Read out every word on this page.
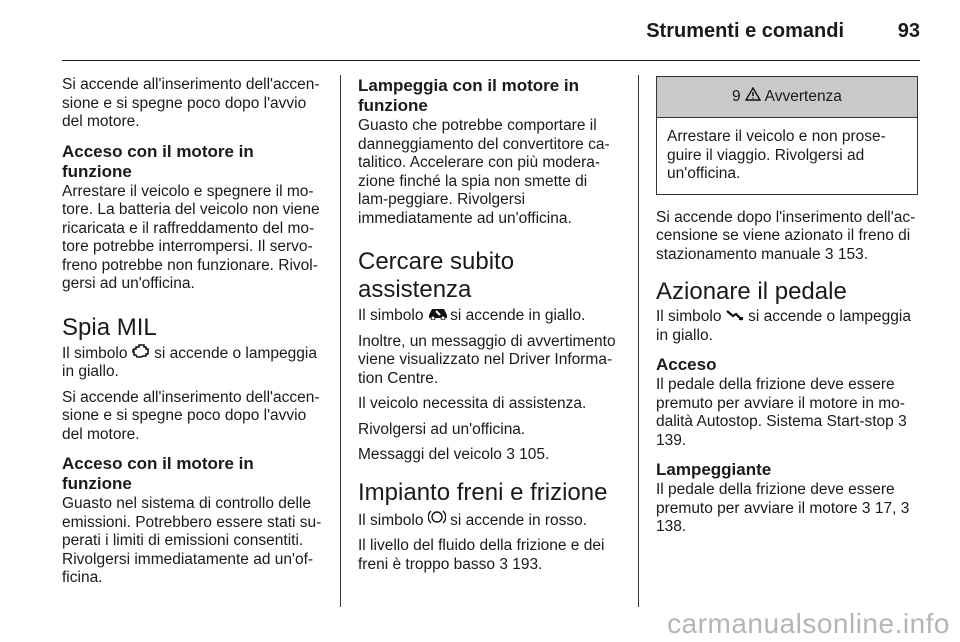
Strumenti e comandi	93

Si accende all'inserimento dell'accen-sione e si spegne poco dopo l'avvio del motore.

Acceso con il motore in funzione

Arrestare il veicolo e spegnere il mo-tore. La batteria del veicolo non viene ricaricata e il raffreddamento del mo-tore potrebbe interrompersi. Il servo-freno potrebbe non funzionare. Rivol-gersi ad un'officina.

Spia MIL

Il simbolo si accende o lampeggia in giallo.

Si accende all'inserimento dell'accen-sione e si spegne poco dopo l'avvio del motore.

Acceso con il motore in funzione

Guasto nel sistema di controllo delle emissioni. Potrebbero essere stati su-perati i limiti di emissioni consentiti. Rivolgersi immediatamente ad un'of-ficina.

Lampeggia con il motore in funzione

Guasto che potrebbe comportare il danneggiamento del convertitore ca-talitico. Accelerare con più modera-zione finché la spia non smette di lam-peggiare. Rivolgersi immediatamente ad un'officina.

Cercare subito assistenza

Il simbolo si accende in giallo.

Inoltre, un messaggio di avvertimento viene visualizzato nel Driver Informa-tion Centre.

Il veicolo necessita di assistenza.

Rivolgersi ad un'officina.

Messaggi del veicolo 3 105.

Impianto freni e frizione

Il simbolo si accende in rosso.

Il livello del fluido della frizione e dei freni è troppo basso 3 193.

9 Avvertenza
Arrestare il veicolo e non prose-guire il viaggio. Rivolgersi ad un'officina.

Si accende dopo l'inserimento dell'ac-censione se viene azionato il freno di stazionamento manuale 3 153.

Azionare il pedale

Il simbolo si accende o lampeggia in giallo.

Acceso

Il pedale della frizione deve essere premuto per avviare il motore in mo-dalità Autostop. Sistema Start-stop 3 139.

Lampeggiante

Il pedale della frizione deve essere premuto per avviare il motore 3 17, 3 138.

carmanualsonline.info
